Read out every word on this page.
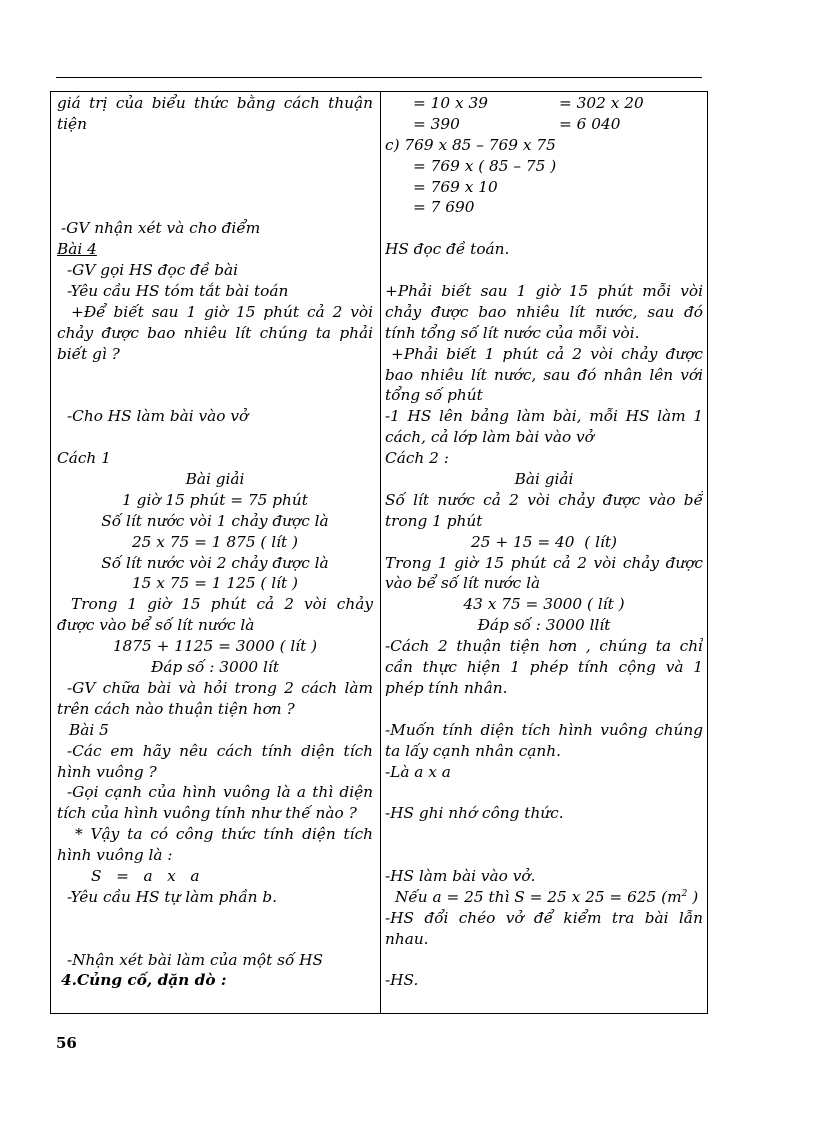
giá trị của biểu thức bằng cách thuận
tiện
-GV nhận xét và cho điểm
Bài 4
-GV gọi HS đọc đề bài
-Yêu cầu HS tóm tắt bài toán
+Để biết sau 1 giờ 15 phút cả 2 vòi
chảy được bao nhiêu lít chúng ta phải
biết gì ?
-Cho HS làm bài vào vở
Cách 1
Bài giải
1 giờ 15 phút = 75 phút
Số lít nước vòi 1 chảy được là
25 x 75 = 1 875 ( lít )
Số lít nước vòi 2 chảy được là
15 x 75 = 1 125 ( lít )
Trong 1 giờ 15 phút cả 2 vòi chảy
được vào bể số lít nước là
1875 + 1125 = 3000 ( lít )
Đáp số : 3000 lít
-GV chữa bài và hỏi trong 2 cách làm
trên cách nào thuận tiện hơn ?
Bài 5
-Các em hãy nêu cách tính diện tích
hình vuông ?
-Gọi cạnh của hình vuông là a thì diện
tích của hình vuông tính như thế nào ?
* Vậy ta có công thức tính diện tích
hình vuông là :
S   =   a   x   a
-Yêu cầu HS tự làm phần b.
-Nhận xét bài làm của một số HS
4.Củng cố, dặn dò :
= 10 x 39	= 302 x 20
= 390	= 6 040
c) 769 x 85 – 769 x 75
= 769 x ( 85 – 75 )
= 769 x 10
= 7 690
HS đọc đề toán.
+Phải biết sau 1 giờ 15 phút mỗi vòi
chảy được bao nhiêu lít nước, sau đó
tính tổng số lít nước của mỗi vòi.
+Phải biết 1 phút cả 2 vòi chảy được
bao nhiêu lít nước, sau đó nhân lên với
tổng số phút
-1 HS lên bảng làm bài, mỗi HS làm 1
cách, cả lớp làm bài vào vở
Cách 2 :
Bài giải
Số lít nước cả 2 vòi chảy được vào bể
trong 1 phút
25 + 15 = 40  ( lít)
Trong 1 giờ 15 phút cả 2 vòi chảy được
vào bể số lít nước là
43 x 75 = 3000 ( lít )
Đáp số : 3000 llít
-Cách 2 thuận tiện hơn , chúng ta chỉ
cần thực hiện 1 phép tính cộng và 1
phép tính nhân.
-Muốn tính diện tích hình vuông chúng
ta lấy cạnh nhân cạnh.
-Là a x a
-HS ghi nhớ công thức.
-HS làm bài vào vở.
Nếu a = 25 thì S = 25 x 25 = 625 ($m^2$ )
-HS đổi chéo vở để kiểm tra bài lẫn
nhau.
-HS.
56
